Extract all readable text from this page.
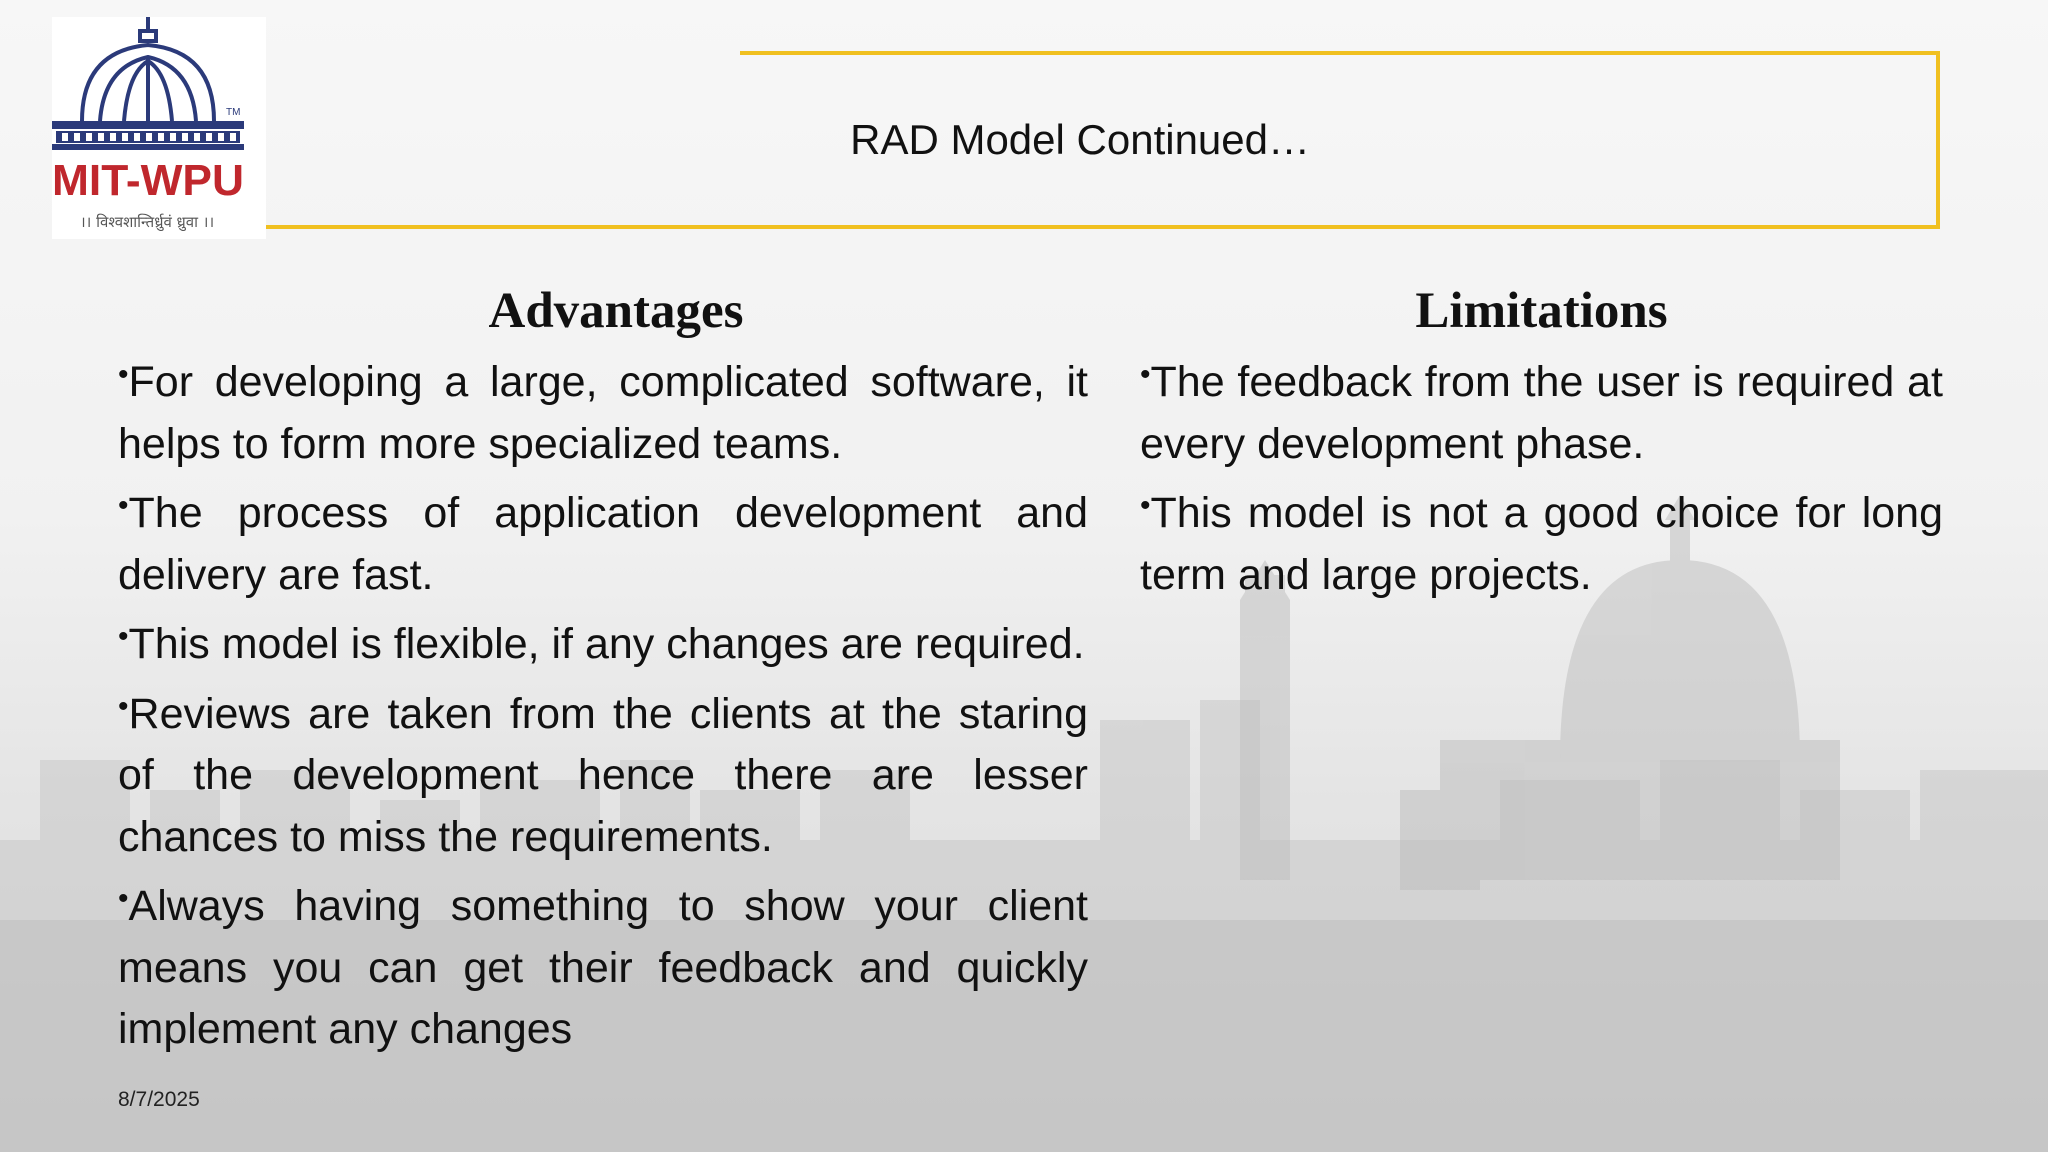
TM
MIT-WPU
।। विश्वशान्तिर्ध्रुवं ध्रुवा ।।
RAD Model Continued…
Advantages

•For developing a large, complicated software, it helps to form more specialized teams.

•The process of application development and delivery are fast.

•This model is flexible, if any changes are required.

•Reviews are taken from the clients at the staring of the development hence there are lesser chances to miss the requirements.

•Always having something to show your client means you can get their feedback and quickly implement any changes

Limitations

•The feedback from the user is required at every development phase.

•This model is not a good choice for long term and large projects.

8/7/2025
